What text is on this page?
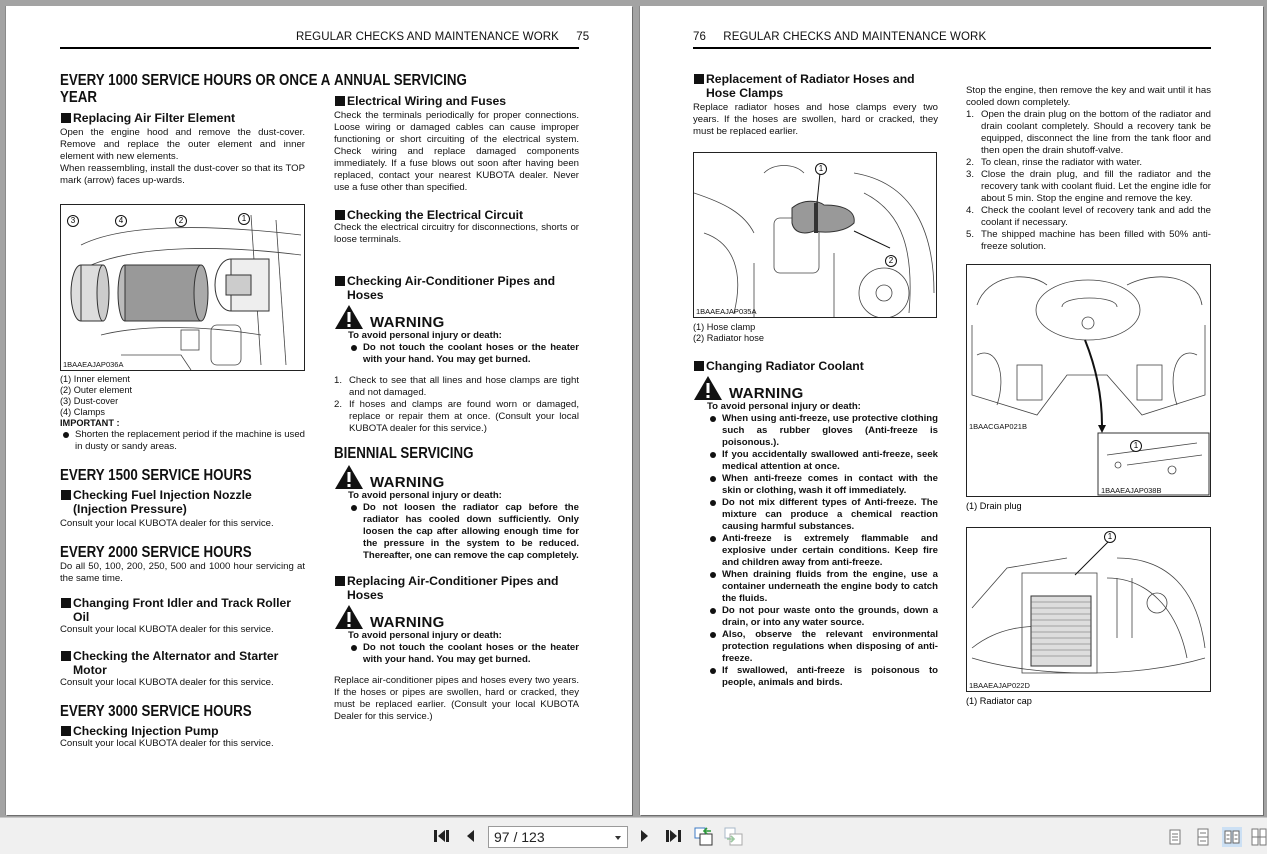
REGULAR CHECKS AND MAINTENANCE WORK 75
EVERY 1000 SERVICE HOURS OR ONCE A
YEAR
Replacing Air Filter Element

Open the engine hood and remove the dust-cover. Remove and replace the outer element and inner element with new elements.

When reassembling, install the dust-cover so that its TOP mark (arrow) faces up-wards.

3	4	2	1
1BAAEAJAP036A

(1) Inner element

(2) Outer element

(3) Dust-cover

(4) Clamps

IMPORTANT :

Shorten the replacement period if the machine is used in dusty or sandy areas.

EVERY 1500 SERVICE HOURS
Checking Fuel Injection Nozzle (Injection Pressure)

Consult your local KUBOTA dealer for this service.

EVERY 2000 SERVICE HOURS

Do all 50, 100, 200, 250, 500 and 1000 hour servicing at the same time.

Changing Front Idler and Track Roller Oil

Consult your local KUBOTA dealer for this service.

Checking the Alternator and Starter Motor

Consult your local KUBOTA dealer for this service.

EVERY 3000 SERVICE HOURS
Checking Injection Pump

Consult your local KUBOTA dealer for this service.

ANNUAL SERVICING
Electrical Wiring and Fuses

Check the terminals periodically for proper connections. Loose wiring or damaged cables can cause improper functioning or short circuiting of the electrical system. Check wiring and replace damaged components immediately. If a fuse blows out soon after having been replaced, contact your nearest KUBOTA dealer. Never use a fuse other than specified.

Checking the Electrical Circuit

Check the electrical circuitry for disconnections, shorts or loose terminals.

Checking Air-Conditioner Pipes and Hoses
WARNING

To avoid personal injury or death:

Do not touch the coolant hoses or the heater with your hand. You may get burned.

1. Check to see that all lines and hose clamps are tight and not damaged.

2. If hoses and clamps are found worn or damaged, replace or repair them at once. (Consult your local KUBOTA dealer for this service.)

BIENNIAL SERVICING
WARNING

To avoid personal injury or death:

Do not loosen the radiator cap before the radiator has cooled down sufficiently. Only loosen the cap after allowing enough time for the pressure in the system to be reduced. Thereafter, one can remove the cap completely.

Replacing Air-Conditioner Pipes and Hoses
WARNING

To avoid personal injury or death:

Do not touch the coolant hoses or the heater with your hand. You may get burned.

Replace air-conditioner pipes and hoses every two years. If the hoses or pipes are swollen, hard or cracked, they must be replaced earlier. (Consult your local KUBOTA Dealer for this service.)

76 REGULAR CHECKS AND MAINTENANCE WORK
Replacement of Radiator Hoses and Hose Clamps

Replace radiator hoses and hose clamps every two years. If the hoses are swollen, hard or cracked, they must be replaced earlier.

1
2
1BAAEAJAP035A

(1) Hose clamp

(2) Radiator hose

Changing Radiator Coolant
WARNING

To avoid personal injury or death:

When using anti-freeze, use protective clothing such as rubber gloves (Anti-freeze is poisonous.).

If you accidentally swallowed anti-freeze, seek medical attention at once.

When anti-freeze comes in contact with the skin or clothing, wash it off immediately.

Do not mix different types of Anti-freeze. The mixture can produce a chemical reaction causing harmful substances.

Anti-freeze is extremely flammable and explosive under certain conditions. Keep fire and children away from anti-freeze.

When draining fluids from the engine, use a container underneath the engine body to catch the fluids.

Do not pour waste onto the grounds, down a drain, or into any water source.

Also, observe the relevant environmental protection regulations when disposing of anti-freeze.

If swallowed, anti-freeze is poisonous to people, animals and birds.

Stop the engine, then remove the key and wait until it has cooled down completely.

1. Open the drain plug on the bottom of the radiator and drain coolant completely. Should a recovery tank be equipped, disconnect the line from the tank floor and then open the drain shutoff-valve.

2. To clean, rinse the radiator with water.

3. Close the drain plug, and fill the radiator and the recovery tank with coolant fluid. Let the engine idle for about 5 min. Stop the engine and remove the key.

4. Check the coolant level of recovery tank and add the coolant if necessary.

5. The shipped machine has been filled with 50% anti-freeze solution.

1BAACGAP021B
1
1BAAEAJAP038B

(1) Drain plug

1
1BAAEAJAP022D

(1) Radiator cap

97 / 123
